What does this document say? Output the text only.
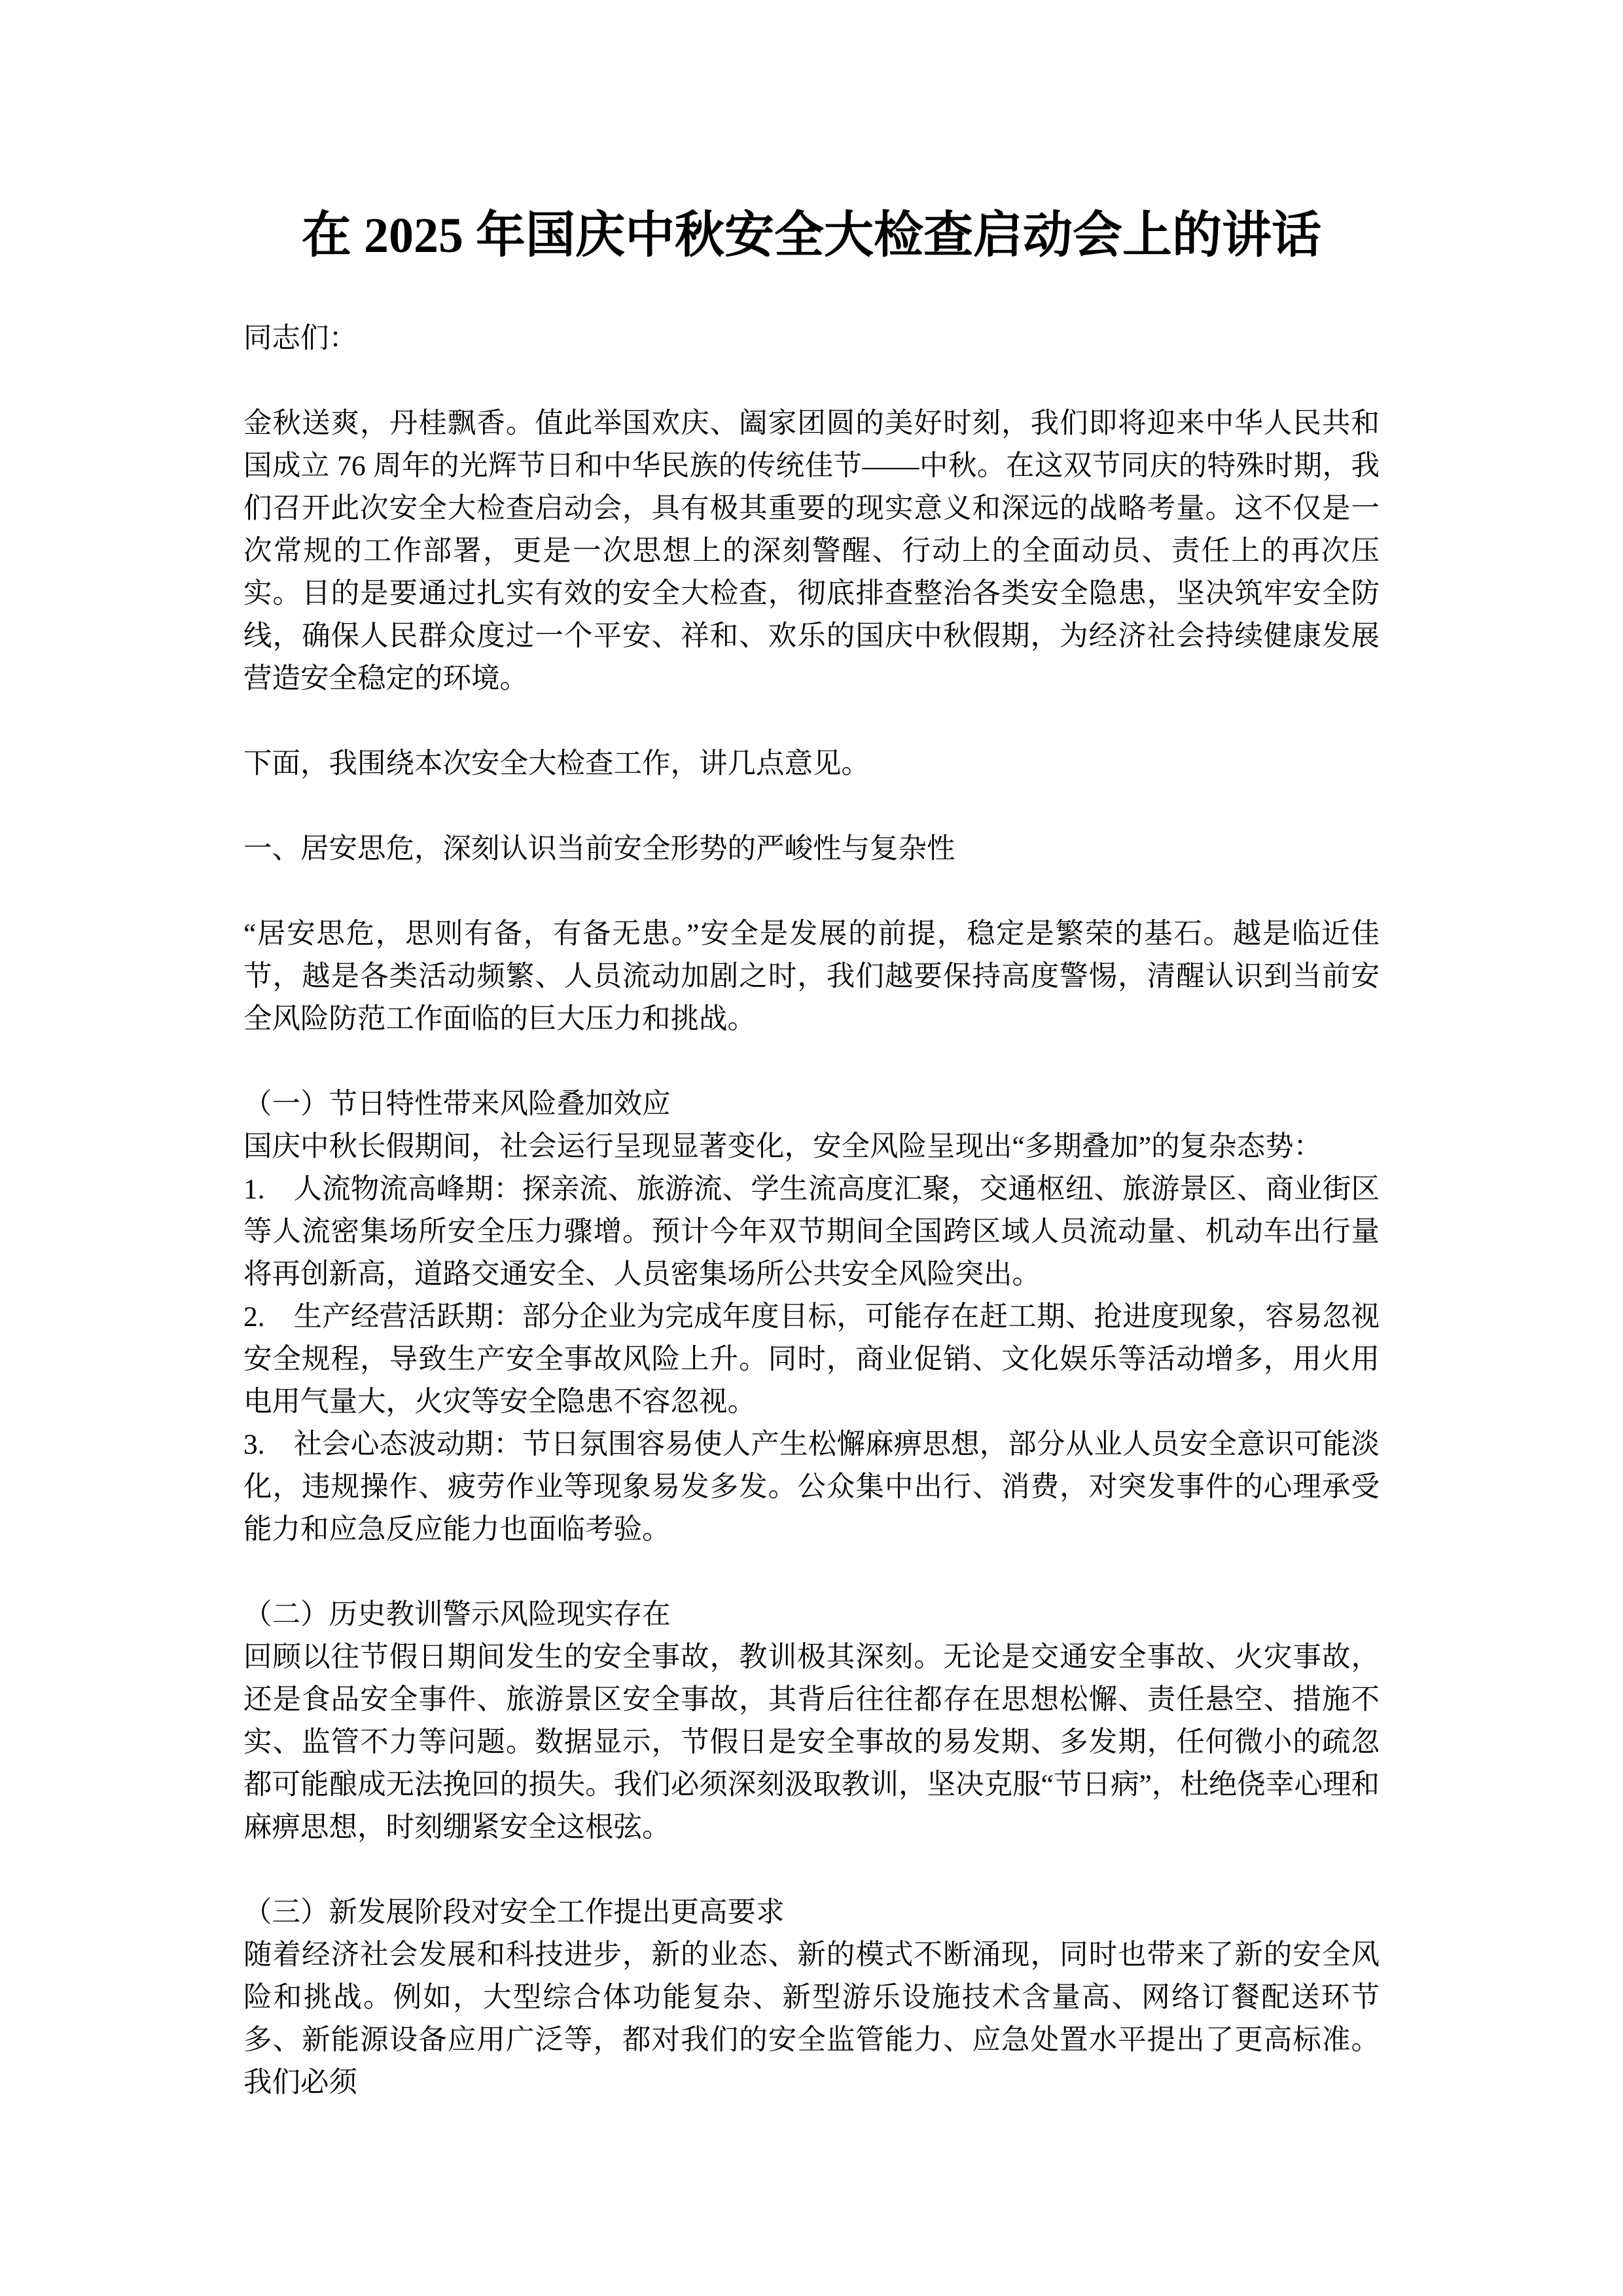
在 2025 年国庆中秋安全大检查启动会上的讲话

同志们：

金秋送爽，丹桂飘香。值此举国欢庆、阖家团圆的美好时刻，我们即将迎来中华人民共和国成立 76 周年的光辉节日和中华民族的传统佳节——中秋。在这双节同庆的特殊时期，我们召开此次安全大检查启动会，具有极其重要的现实意义和深远的战略考量。这不仅是一次常规的工作部署，更是一次思想上的深刻警醒、行动上的全面动员、责任上的再次压实。目的是要通过扎实有效的安全大检查，彻底排查整治各类安全隐患，坚决筑牢安全防线，确保人民群众度过一个平安、祥和、欢乐的国庆中秋假期，为经济社会持续健康发展营造安全稳定的环境。

下面，我围绕本次安全大检查工作，讲几点意见。

一、居安思危，深刻认识当前安全形势的严峻性与复杂性

“居安思危，思则有备，有备无患。”安全是发展的前提，稳定是繁荣的基石。越是临近佳节，越是各类活动频繁、人员流动加剧之时，我们越要保持高度警惕，清醒认识到当前安全风险防范工作面临的巨大压力和挑战。

（一）节日特性带来风险叠加效应

国庆中秋长假期间，社会运行呈现显著变化，安全风险呈现出“多期叠加”的复杂态势：

1.　人流物流高峰期：探亲流、旅游流、学生流高度汇聚，交通枢纽、旅游景区、商业街区等人流密集场所安全压力骤增。预计今年双节期间全国跨区域人员流动量、机动车出行量将再创新高，道路交通安全、人员密集场所公共安全风险突出。

2.　生产经营活跃期：部分企业为完成年度目标，可能存在赶工期、抢进度现象，容易忽视安全规程，导致生产安全事故风险上升。同时，商业促销、文化娱乐等活动增多，用火用电用气量大，火灾等安全隐患不容忽视。

3.　社会心态波动期：节日氛围容易使人产生松懈麻痹思想，部分从业人员安全意识可能淡化，违规操作、疲劳作业等现象易发多发。公众集中出行、消费，对突发事件的心理承受能力和应急反应能力也面临考验。

（二）历史教训警示风险现实存在

回顾以往节假日期间发生的安全事故，教训极其深刻。无论是交通安全事故、火灾事故，还是食品安全事件、旅游景区安全事故，其背后往往都存在思想松懈、责任悬空、措施不实、监管不力等问题。数据显示，节假日是安全事故的易发期、多发期，任何微小的疏忽都可能酿成无法挽回的损失。我们必须深刻汲取教训，坚决克服“节日病”，杜绝侥幸心理和麻痹思想，时刻绷紧安全这根弦。

（三）新发展阶段对安全工作提出更高要求

随着经济社会发展和科技进步，新的业态、新的模式不断涌现，同时也带来了新的安全风险和挑战。例如，大型综合体功能复杂、新型游乐设施技术含量高、网络订餐配送环节多、新能源设备应用广泛等，都对我们的安全监管能力、应急处置水平提出了更高标准。我们必须
